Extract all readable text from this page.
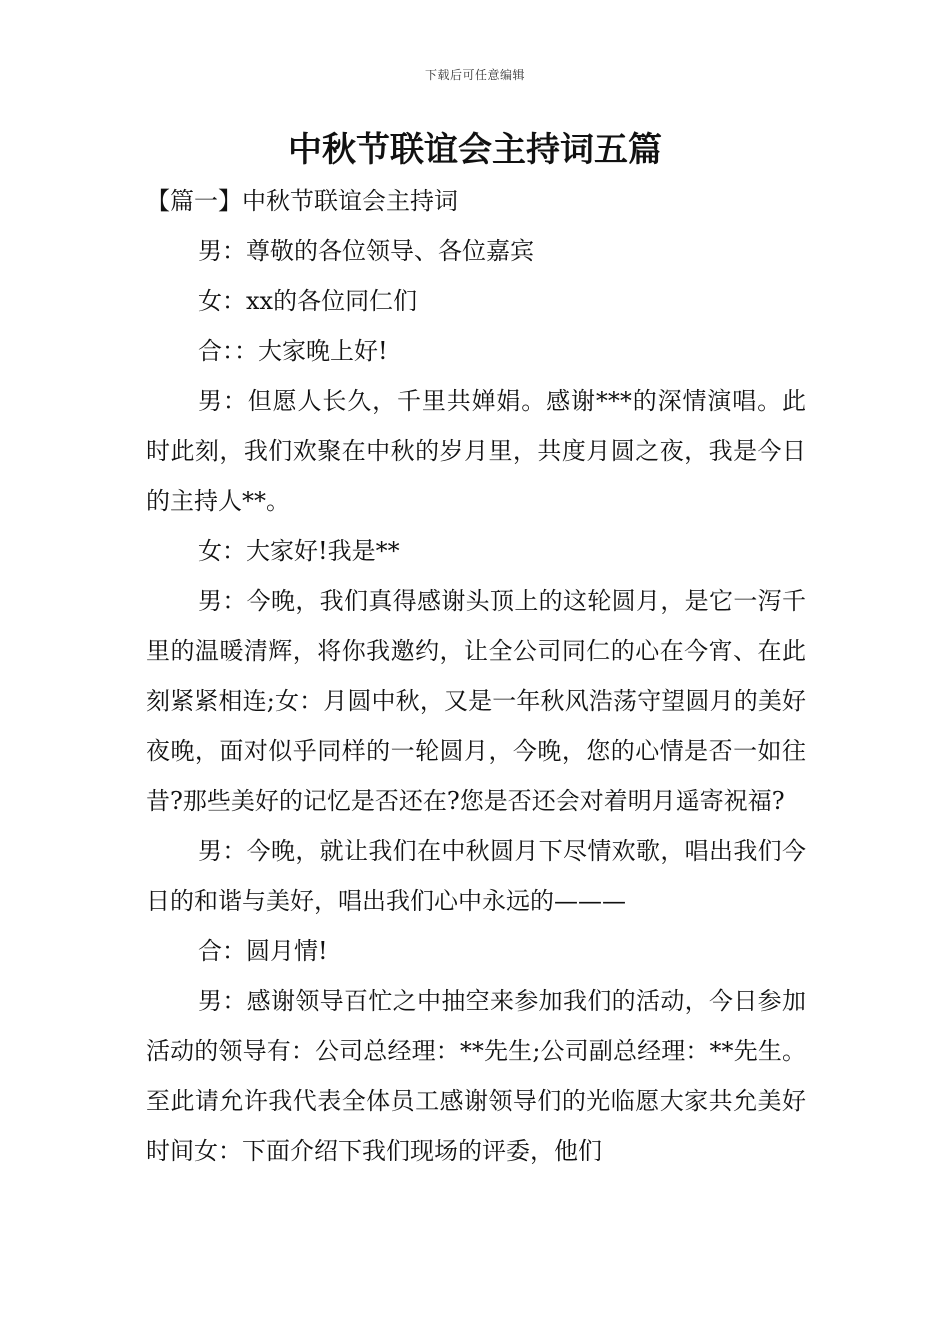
下载后可任意编辑
中秋节联谊会主持词五篇
【篇一】中秋节联谊会主持词

男：尊敬的各位领导、各位嘉宾

女：xx的各位同仁们

合：：大家晚上好!

男：但愿人长久，千里共婵娟。感谢***的深情演唱。此时此刻，我们欢聚在中秋的岁月里，共度月圆之夜，我是今日的主持人**。

女：大家好!我是**

男：今晚，我们真得感谢头顶上的这轮圆月，是它一泻千里的温暖清辉，将你我邀约，让全公司同仁的心在今宵、在此刻紧紧相连;女：月圆中秋，又是一年秋风浩荡守望圆月的美好夜晚，面对似乎同样的一轮圆月，今晚，您的心情是否一如往昔?那些美好的记忆是否还在?您是否还会对着明月遥寄祝福?

男：今晚，就让我们在中秋圆月下尽情欢歌，唱出我们今日的和谐与美好，唱出我们心中永远的———

合：圆月情!

男：感谢领导百忙之中抽空来参加我们的活动，今日参加活动的领导有：公司总经理：**先生;公司副总经理：**先生。至此请允许我代表全体员工感谢领导们的光临愿大家共允美好时间女：下面介绍下我们现场的评委，他们
